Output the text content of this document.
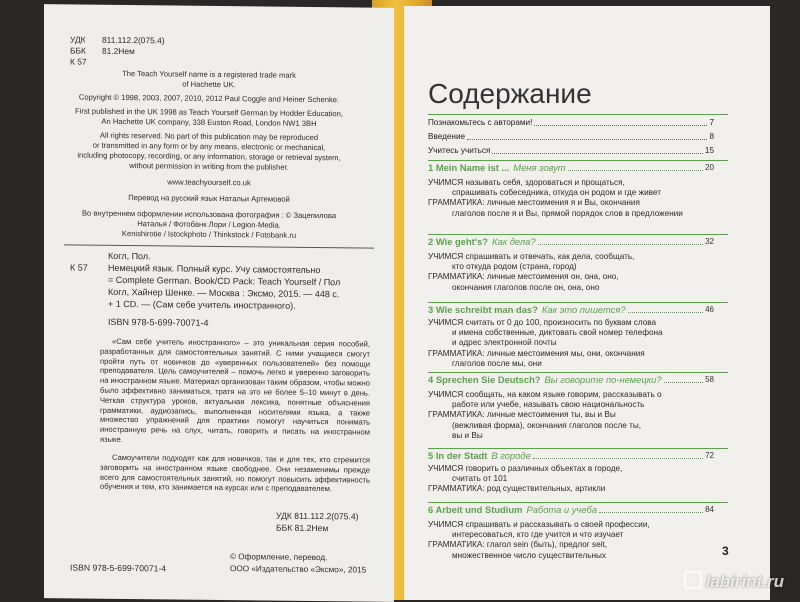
УДК 811.112.2(075.4)
ББК 81.2Нем
К 57
The Teach Yourself name is a registered trade mark
of Hachette UK.
Copyright © 1998, 2003, 2007, 2010, 2012 Paul Coggle and Heiner Schenke.
First published in the UK 1998 as Teach Yourself German by Hodder Education,
An Hachette UK company, 338 Euston Road, London NW1 3BH
All rights reserved. No part of this publication may be reproduced
or transmitted in any form or by any means, electronic or mechanical,
including photocopy, recording, or any information, storage or retrieval system,
without permission in writing from the publisher.
www.teachyourself.co.uk
Перевод на русский язык Натальи Артемовой
Во внутреннем оформлении использована фотография : © Зацепилова
Наталья / Фотобанк Лори / Legion-Media.
Kenishirotie / Istockphoto / Thinkstock / Fotobank.ru
Когл, Пол.
К 57 Немецкий язык. Полный курс. Учу самостоятельно
= Complete German. Book/CD Pack: Teach Yourself / Пол
Когл, Хайнер Шенке. — Москва : Эксмо, 2015. — 448 с.
+ 1 CD. — (Сам себе учитель иностранного).
ISBN 978-5-699-70071-4
«Сам себе учитель иностранного» – это уникальная серия пособий, разработанных для самостоятельных занятий. С ними учащиеся смогут пройти путь от новичков до «уверенных пользователей» без помощи преподавателя. Цель самоучителей – помочь легко и уверенно заговорить на иностранном языке. Материал организован таким образом, чтобы можно было эффективно заниматься, тратя на это не более 5–10 минут в день. Четкая структура уроков, актуальная лексика, понятные объяснения грамматики, аудиозапись, выполненная носителями языка, а также множество упражнений для практики помогут научиться понимать иностранную речь на слух, читать, говорить и писать на иностранном языке.
Самоучители подходят как для новичков, так и для тех, кто стремится заговорить на иностранном языке свободнее. Они незаменимы прежде всего для самостоятельных занятий, но помогут повысить эффективность обучения и тем, кто занимается на курсах или с преподавателем.
УДК 811.112.2(075.4)
ББК 81.2Нем
ISBN 978-5-699-70071-4
© Оформление, перевод.
ООО «Издательство «Эксмо», 2015
Содержание
Познакомьтесь с авторами!	7
Введение	8
Учитесь учиться	15
1 Mein Name ist ... Меня зовут	20
УЧИМСЯ называть себя, здороваться и прощаться,

спрашивать собеседника, откуда он родом и где живет
ГРАММАТИКА: личные местоимения я и Вы, окончания

глаголов после я и Вы, прямой порядок слов в предложении
2 Wie geht's? Как дела?	32
УЧИМСЯ спрашивать и отвечать, как дела, сообщать,

кто откуда родом (страна, город)
ГРАММАТИКА: личные местоимения он, она, оно,

окончания глаголов после он, она, оно
3 Wie schreibt man das? Как это пишется?	46
УЧИМСЯ считать от 0 до 100, произносить по буквам слова

и имена собственные, диктовать свой номер телефона
и адрес электронной почты
ГРАММАТИКА: личные местоимения мы, они, окончания

глаголов после мы, они
4 Sprechen Sie Deutsch? Вы говорите по-немецки?	58
УЧИМСЯ сообщать, на каком языке говорим, рассказывать о

работе или учебе, называть свою национальность
ГРАММАТИКА: личные местоимения ты, вы и Вы

(вежливая форма), окончания глаголов после ты,
вы и Вы
5 In der Stadt В городе	72
УЧИМСЯ говорить о различных объектах в городе,

считать от 101
ГРАММАТИКА: род существительных, артикли
6 Arbeit und Studium Работа и учеба	84
УЧИМСЯ спрашивать и рассказывать о своей профессии,

интересоваться, кто где учится и что изучает
ГРАММАТИКА: глагол sein (быть), предлог seit,

множественное число существительных	3
labirint.ru
